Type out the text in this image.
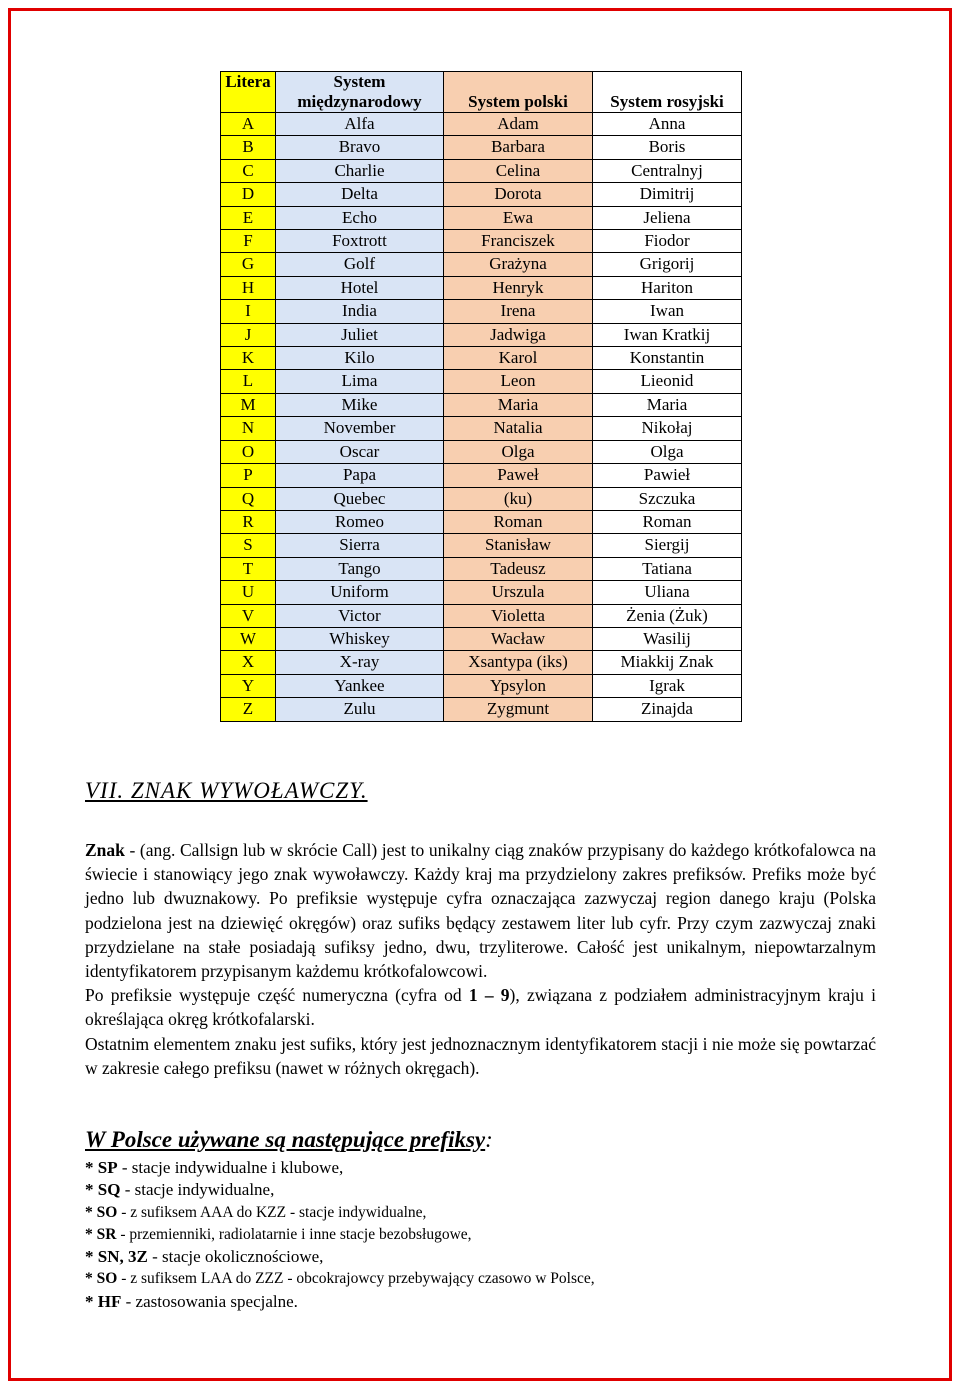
Litera	System międzynarodowy	System polski	System rosyjski
A	Alfa	Adam	Anna
B	Bravo	Barbara	Boris
C	Charlie	Celina	Centralnyj
D	Delta	Dorota	Dimitrij
E	Echo	Ewa	Jeliena
F	Foxtrott	Franciszek	Fiodor
G	Golf	Grażyna	Grigorij
H	Hotel	Henryk	Hariton
I	India	Irena	Iwan
J	Juliet	Jadwiga	Iwan Kratkij
K	Kilo	Karol	Konstantin
L	Lima	Leon	Lieonid
M	Mike	Maria	Maria
N	November	Natalia	Nikołaj
O	Oscar	Olga	Olga
P	Papa	Paweł	Pawieł
Q	Quebec	(ku)	Szczuka
R	Romeo	Roman	Roman
S	Sierra	Stanisław	Siergij
T	Tango	Tadeusz	Tatiana
U	Uniform	Urszula	Uliana
V	Victor	Violetta	Żenia (Żuk)
W	Whiskey	Wacław	Wasilij
X	X-ray	Xsantypa (iks)	Miakkij Znak
Y	Yankee	Ypsylon	Igrak
Z	Zulu	Zygmunt	Zinajda
VII. ZNAK WYWOŁAWCZY.

Znak - (ang. Callsign lub w skrócie Call) jest to unikalny ciąg znaków przypisany do każdego krótkofalowca na świecie i stanowiący jego znak wywoławczy. Każdy kraj ma przydzielony zakres prefiksów. Prefiks może być jedno lub dwuznakowy. Po prefiksie występuje cyfra oznaczająca zazwyczaj region danego kraju (Polska podzielona jest na dziewięć okręgów) oraz sufiks będący zestawem liter lub cyfr. Przy czym zazwyczaj znaki przydzielane na stałe posiadają sufiksy jedno, dwu, trzyliterowe. Całość jest unikalnym, niepowtarzalnym identyfikatorem przypisanym każdemu krótkofalowcowi.

Po prefiksie występuje część numeryczna (cyfra od 1 – 9), związana z podziałem administracyjnym kraju i określająca okręg krótkofalarski.

Ostatnim elementem znaku jest sufiks, który jest jednoznacznym identyfikatorem stacji i nie może się powtarzać w zakresie całego prefiksu (nawet w różnych okręgach).

W Polsce używane są następujące prefiksy:
* SP - stacje indywidualne i klubowe,
* SQ - stacje indywidualne,
* SO - z sufiksem AAA do KZZ - stacje indywidualne,
* SR - przemienniki, radiolatarnie i inne stacje bezobsługowe,
* SN, 3Z - stacje okolicznościowe,
* SO - z sufiksem LAA do ZZZ - obcokrajowcy przebywający czasowo w Polsce,
* HF - zastosowania specjalne.
